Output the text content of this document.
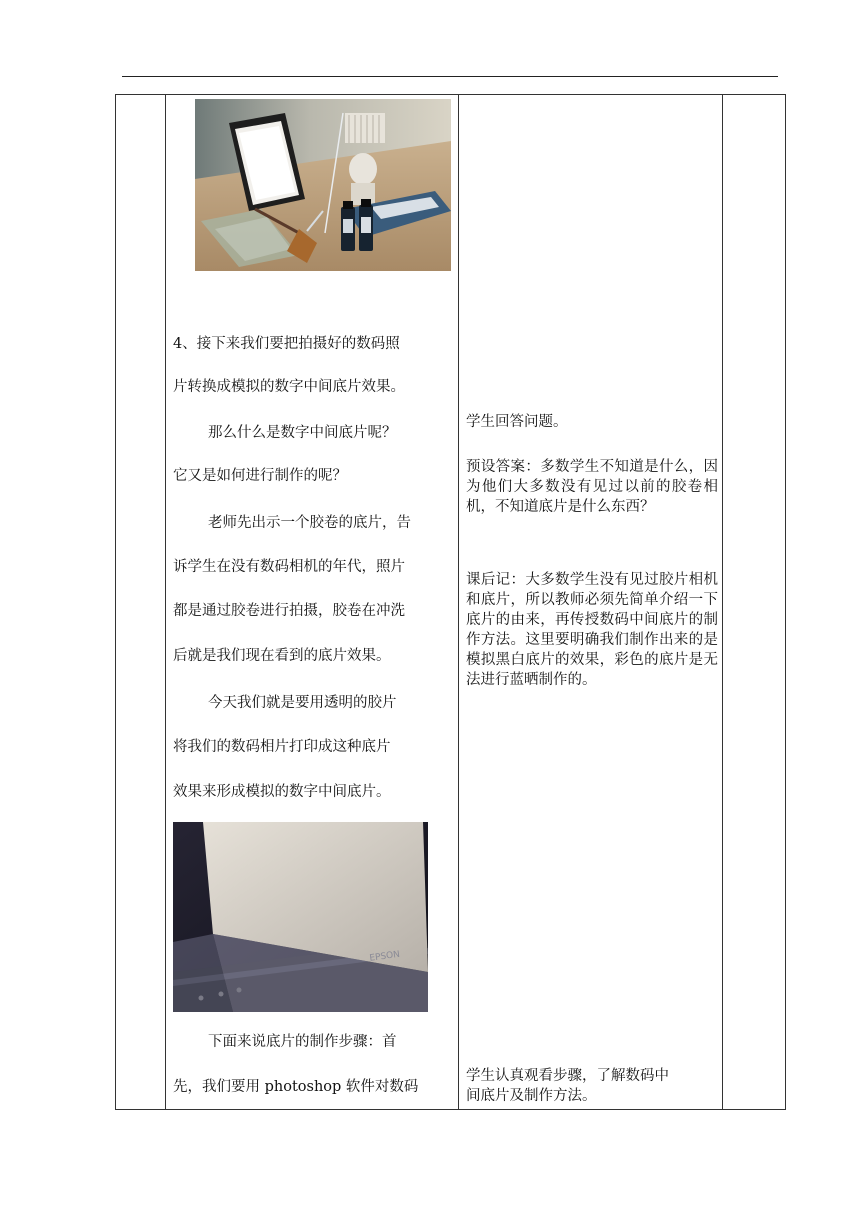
4、接下来我们要把拍摄好的数码照
片转换成模拟的数字中间底片效果。
那么什么是数字中间底片呢？
它又是如何进行制作的呢？
老师先出示一个胶卷的底片，告
诉学生在没有数码相机的年代，照片
都是通过胶卷进行拍摄，胶卷在冲洗
后就是我们现在看到的底片效果。
今天我们就是要用透明的胶片
将我们的数码相片打印成这种底片
效果来形成模拟的数字中间底片。
EPSON
下面来说底片的制作步骤：首
先，我们要用 photoshop 软件对数码
学生回答问题。
预设答案：多数学生不知道是什么，因为他们大多数没有见过以前的胶卷相机，不知道底片是什么东西？
课后记：大多数学生没有见过胶片相机和底片，所以教师必须先简单介绍一下底片的由来，再传授数码中间底片的制作方法。这里要明确我们制作出来的是模拟黑白底片的效果，彩色的底片是无法进行蓝晒制作的。
学生认真观看步骤，了解数码中
间底片及制作方法。
